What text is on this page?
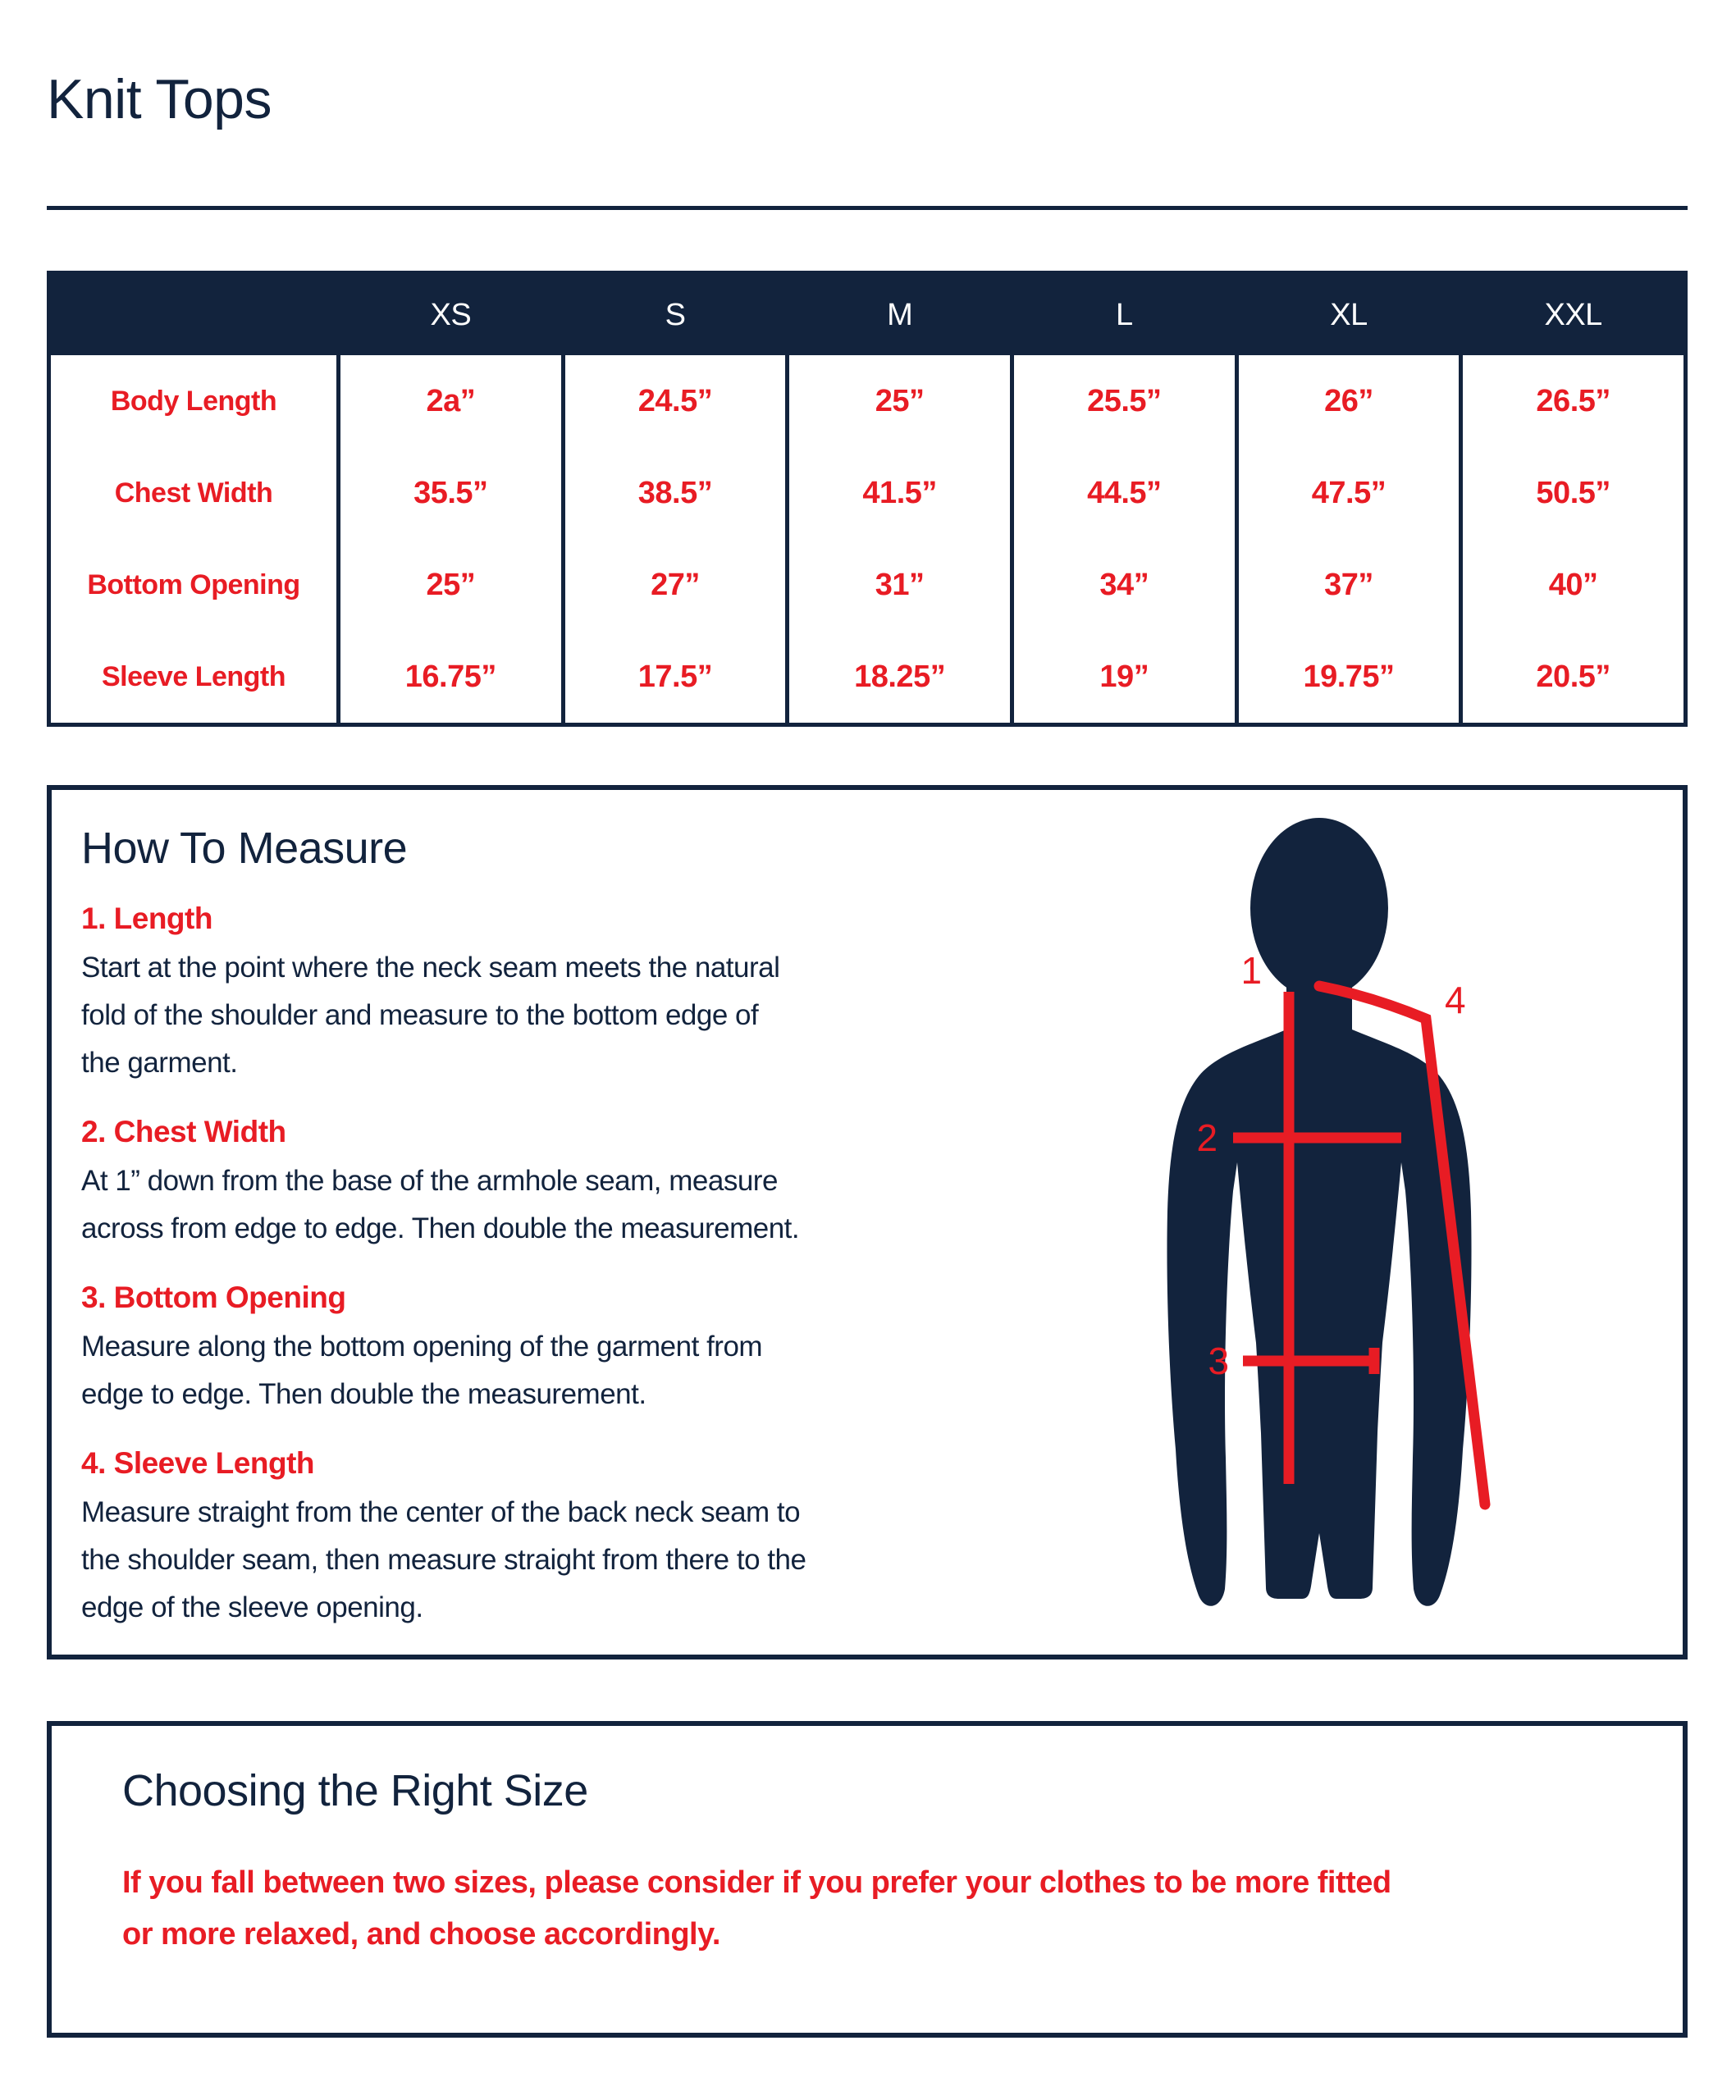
Knit Tops
XS	S	M	L	XL	XXL
Body Length	2a”	24.5”	25”	25.5”	26”	26.5”
Chest Width	35.5”	38.5”	41.5”	44.5”	47.5”	50.5”
Bottom Opening	25”	27”	31”	34”	37”	40”
Sleeve Length	16.75”	17.5”	18.25”	19”	19.75”	20.5”
How To Measure
1. Length
Start at the point where the neck seam meets the natural
fold of the shoulder and measure to the bottom edge of
the garment.
2. Chest Width
At 1” down from the base of the armhole seam, measure
across from edge to edge. Then double the measurement.
3. Bottom Opening
Measure along the bottom opening of the garment from
edge to edge. Then double the measurement.
4. Sleeve Length
Measure straight from the center of the back neck seam to
the shoulder seam, then measure straight from there to the
edge of the sleeve opening.
1
2
3
4
Choosing the Right Size
If you fall between two sizes, please consider if you prefer your clothes to be more fitted
or more relaxed, and choose accordingly.
